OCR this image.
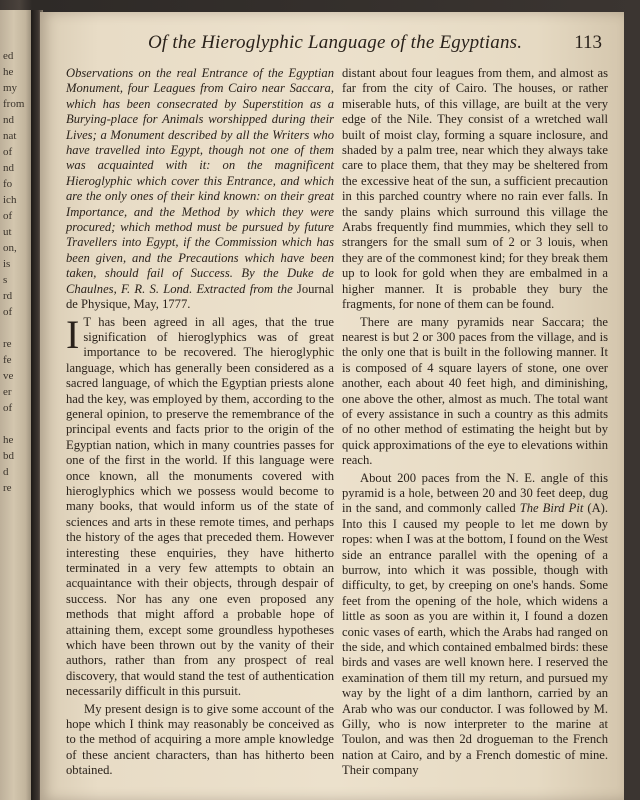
ed
he
my
from
nd
nat
of
nd
fo
ich
of
ut
on,
is
s
rd
of

re
fe
ve
er
of

he
bd
d
re

Of the Hieroglyphic Language of the Egyptians.	113

Observations on the real Entrance of the Egyptian Monument, four Leagues from Cairo near Saccara, which has been consecrated by Superstition as a Burying-place for Animals worshipped during their Lives; a Monument described by all the Writers who have travelled into Egypt, though not one of them was acquainted with it: on the magnificent Hieroglyphic which cover this Entrance, and which are the only ones of their kind known: on their great Importance, and the Method by which they were procured; which method must be pursued by future Travellers into Egypt, if the Commission which has been given, and the Precautions which have been taken, should fail of Success. By the Duke de Chaulnes, F. R. S. Lond. Extracted from the Journal de Physique, May, 1777.

I T has been agreed in all ages, that the true signification of hieroglyphics was of great importance to be recovered. The hieroglyphic language, which has generally been considered as a sacred language, of which the Egyptian priests alone had the key, was employed by them, according to the general opinion, to preserve the remembrance of the principal events and facts prior to the origin of the Egyptian nation, which in many countries passes for one of the first in the world. If this language were once known, all the monuments covered with hieroglyphics which we possess would become to many books, that would inform us of the state of sciences and arts in these remote times, and perhaps the history of the ages that preceded them. However interesting these enquiries, they have hitherto terminated in a very few attempts to obtain an acquaintance with their objects, through despair of success. Nor has any one even proposed any methods that might afford a probable hope of attaining them, except some groundless hypotheses which have been thrown out by the vanity of their authors, rather than from any prospect of real discovery, that would stand the test of authentication necessarily difficult in this pursuit.

My present design is to give some account of the hope which I think may reasonably be conceived as to the method of acquiring a more ample knowledge of these ancient characters, than has hitherto been obtained.

distant about four leagues from them, and almost as far from the city of Cairo. The houses, or rather miserable huts, of this village, are built at the very edge of the Nile. They consist of a wretched wall built of moist clay, forming a square inclosure, and shaded by a palm tree, near which they always take care to place them, that they may be sheltered from the excessive heat of the sun, a sufficient precaution in this parched country where no rain ever falls. In the sandy plains which surround this village the Arabs frequently find mummies, which they sell to strangers for the small sum of 2 or 3 louis, when they are of the commonest kind; for they break them up to look for gold when they are embalmed in a higher manner. It is probable they bury the fragments, for none of them can be found.

There are many pyramids near Saccara; the nearest is but 2 or 300 paces from the village, and is the only one that is built in the following manner. It is composed of 4 square layers of stone, one over another, each about 40 feet high, and diminishing, one above the other, almost as much. The total want of every assistance in such a country as this admits of no other method of estimating the height but by quick approximations of the eye to elevations within reach.

About 200 paces from the N. E. angle of this pyramid is a hole, between 20 and 30 feet deep, dug in the sand, and commonly called The Bird Pit (A). Into this I caused my people to let me down by ropes: when I was at the bottom, I found on the West side an entrance parallel with the opening of a burrow, into which it was possible, though with difficulty, to get, by creeping on one's hands. Some feet from the opening of the hole, which widens a little as soon as you are within it, I found a dozen conic vases of earth, which the Arabs had ranged on the side, and which contained embalmed birds: these birds and vases are well known here. I reserved the examination of them till my return, and pursued my way by the light of a dim lanthorn, carried by an Arab who was our conductor. I was followed by M. Gilly, who is now interpreter to the marine at Toulon, and was then 2d drogueman to the French nation at Cairo, and by a French domestic of mine. Their company
